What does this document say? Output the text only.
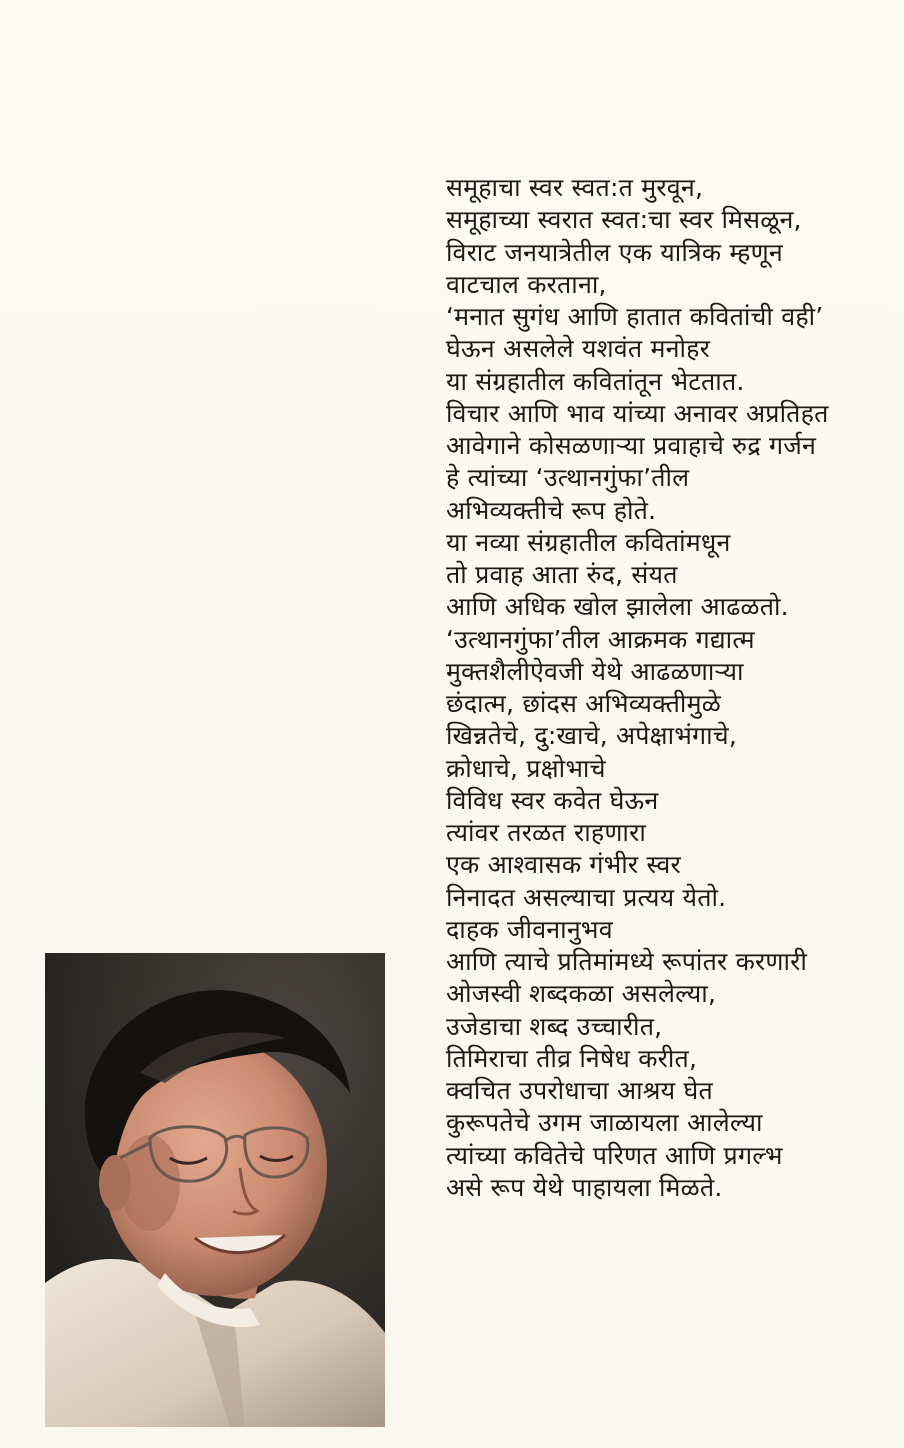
समूहाचा स्वर स्वत:त मुरवून,
समूहाच्या स्वरात स्वत:चा स्वर मिसळून,
विराट जनयात्रेतील एक यात्रिक म्हणून
वाटचाल करताना,
‘मनात सुगंध आणि हातात कवितांची वही’
घेऊन असलेले यशवंत मनोहर
या संग्रहातील कवितांतून भेटतात.
विचार आणि भाव यांच्या अनावर अप्रतिहत
आवेगाने कोसळणाऱ्या प्रवाहाचे रुद्र गर्जन
हे त्यांच्या ‘उत्थानगुंफा’तील
अभिव्यक्तीचे रूप होते.
या नव्या संग्रहातील कवितांमधून
तो प्रवाह आता रुंद, संयत
आणि अधिक खोल झालेला आढळतो.
‘उत्थानगुंफा’तील आक्रमक गद्यात्म
मुक्तशैलीऐवजी येथे आढळणाऱ्या
छंदात्म, छांदस अभिव्यक्तीमुळे
खिन्नतेचे, दु:खाचे, अपेक्षाभंगाचे,
क्रोधाचे, प्रक्षोभाचे
विविध स्वर कवेत घेऊन
त्यांवर तरळत राहणारा
एक आश्वासक गंभीर स्वर
निनादत असल्याचा प्रत्यय येतो.
दाहक जीवनानुभव
आणि त्याचे प्रतिमांमध्ये रूपांतर करणारी
ओजस्वी शब्दकळा असलेल्या,
उजेडाचा शब्द उच्चारीत,
तिमिराचा तीव्र निषेध करीत,
क्वचित उपरोधाचा आश्रय घेत
कुरूपतेचे उगम जाळायला आलेल्या
त्यांच्या कवितेचे परिणत आणि प्रगल्भ
असे रूप येथे पाहायला मिळते.
